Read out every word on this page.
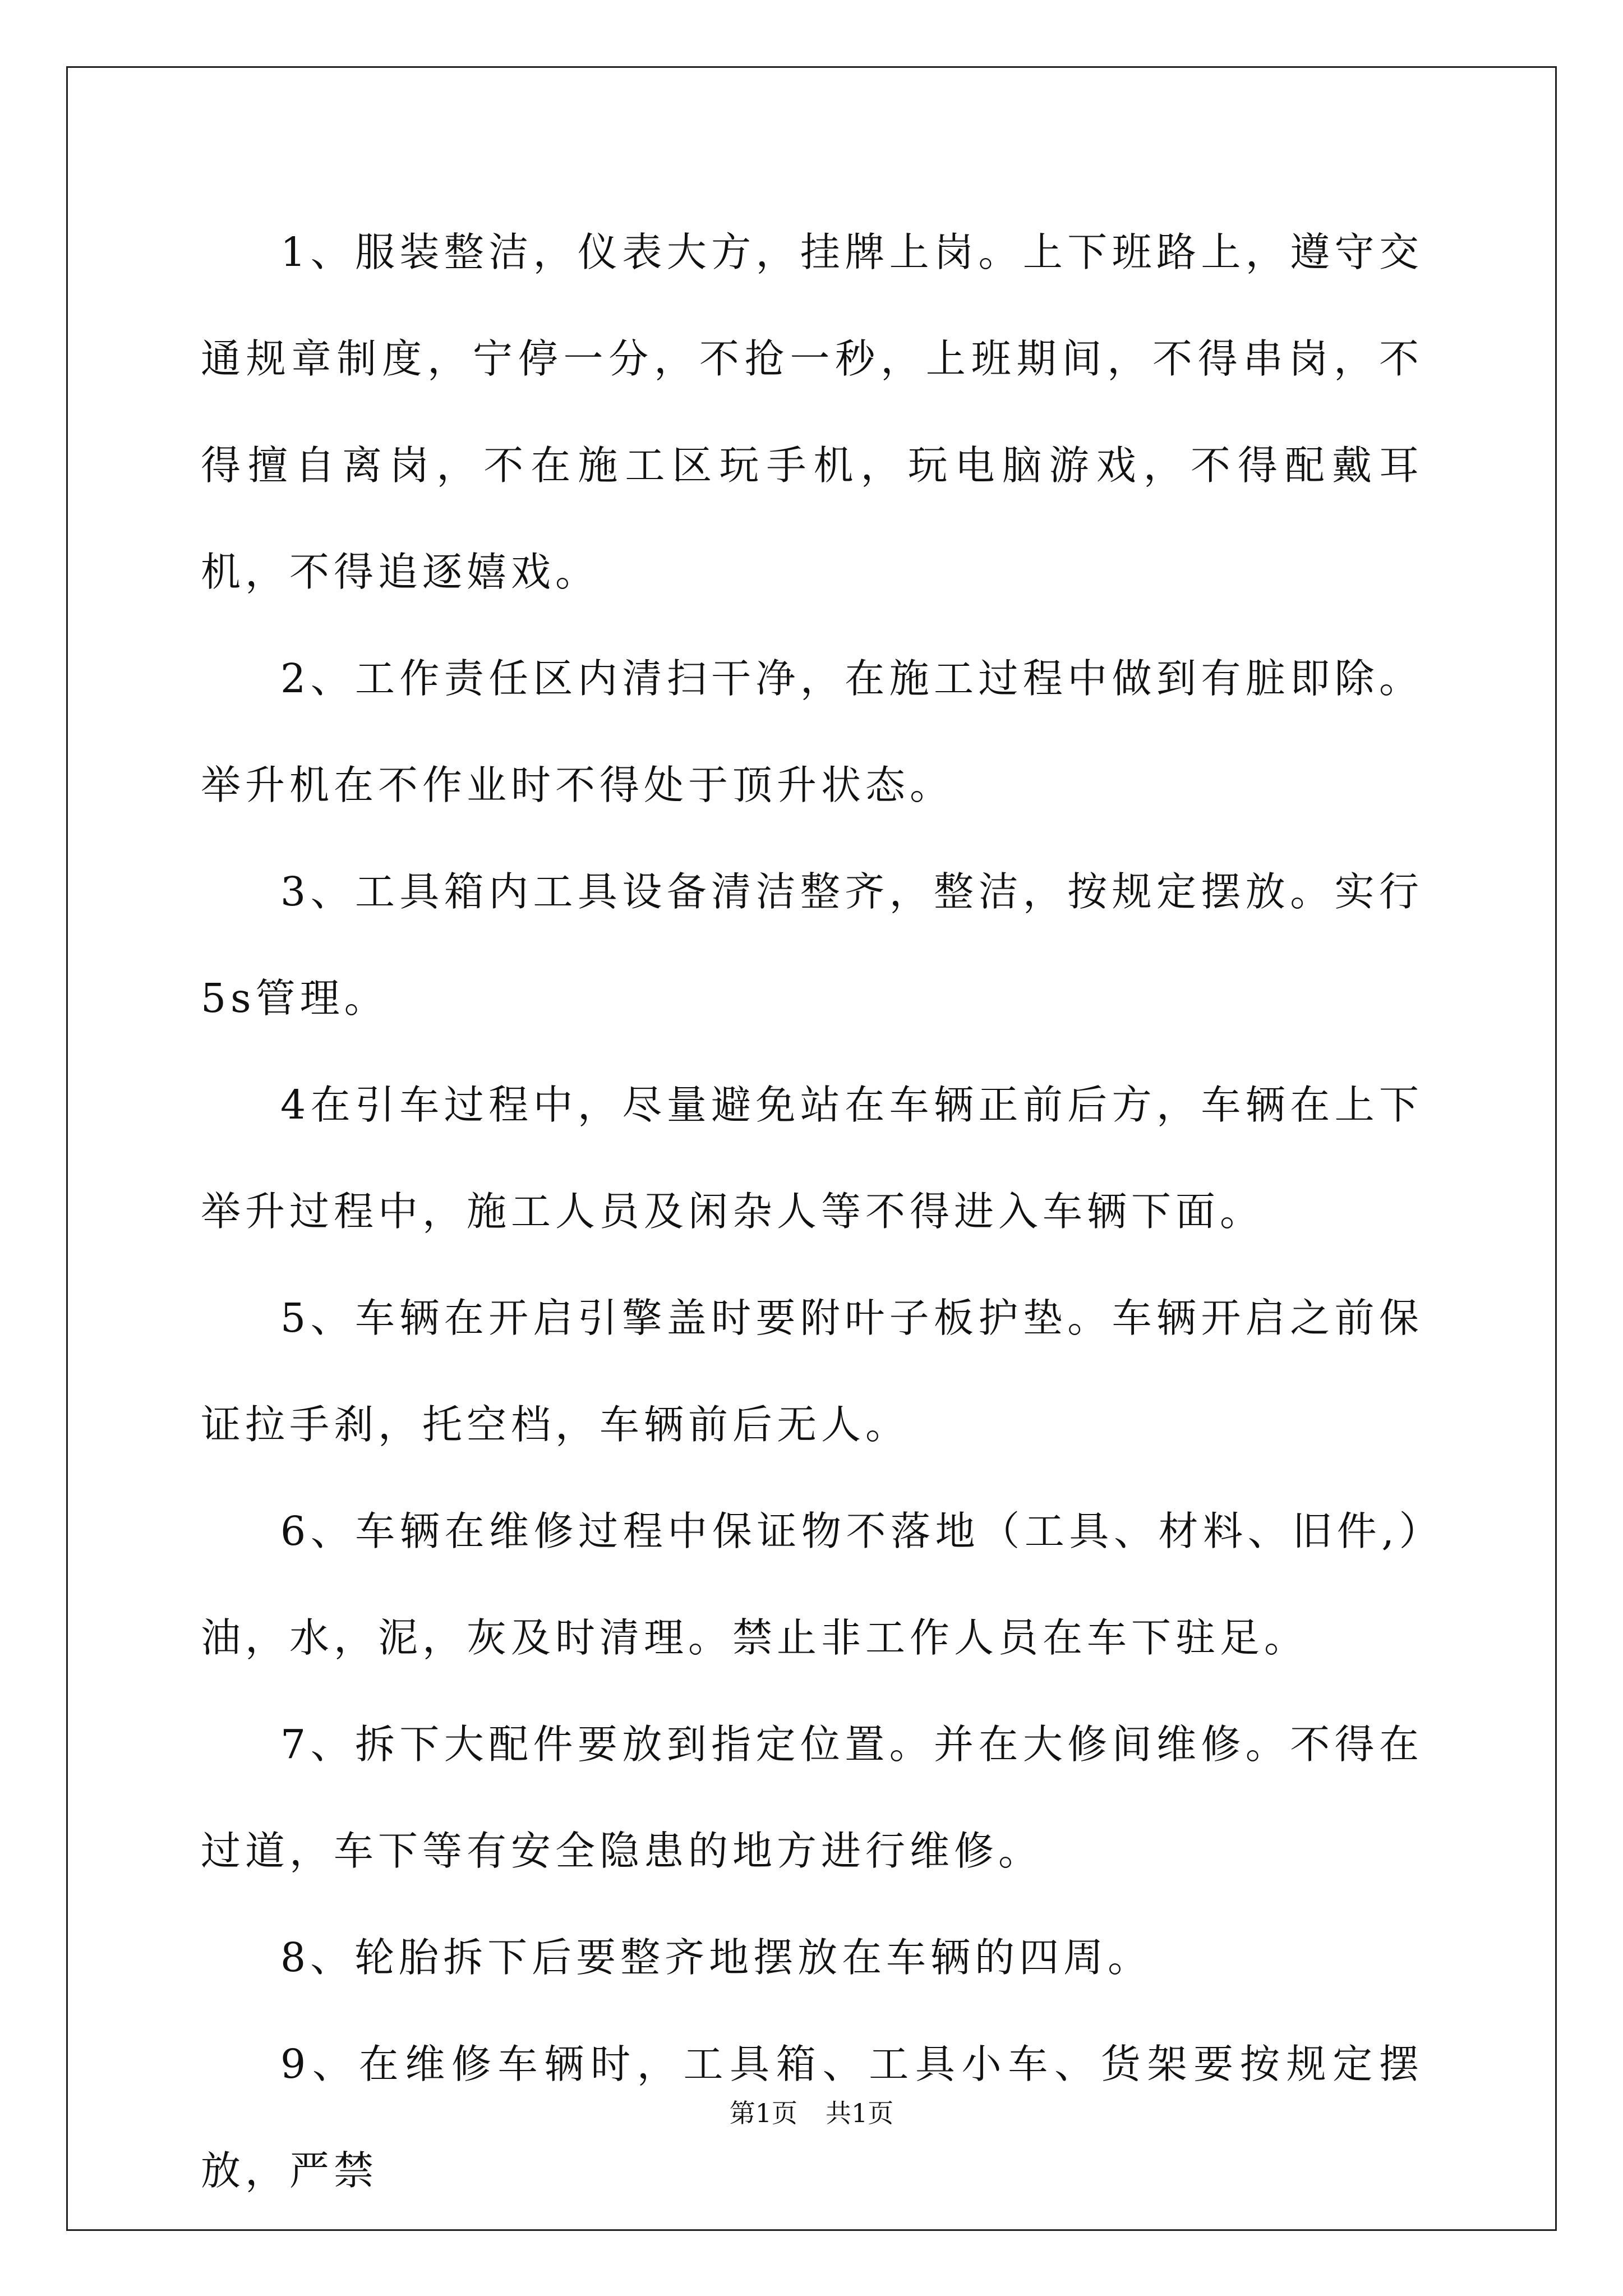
1、服装整洁，仪表大方，挂牌上岗。上下班路上，遵守交通规章制度，宁停一分，不抢一秒，上班期间，不得串岗，不得擅自离岗，不在施工区玩手机，玩电脑游戏，不得配戴耳机，不得追逐嬉戏。

2、工作责任区内清扫干净，在施工过程中做到有脏即除。举升机在不作业时不得处于顶升状态。

3、工具箱内工具设备清洁整齐，整洁，按规定摆放。实行5s管理。

4在引车过程中，尽量避免站在车辆正前后方，车辆在上下举升过程中，施工人员及闲杂人等不得进入车辆下面。

5、车辆在开启引擎盖时要附叶子板护垫。车辆开启之前保证拉手刹，托空档，车辆前后无人。

6、车辆在维修过程中保证物不落地（工具、材料、旧件,）油，水，泥，灰及时清理。禁止非工作人员在车下驻足。

7、拆下大配件要放到指定位置。并在大修间维修。不得在过道，车下等有安全隐患的地方进行维修。

8、轮胎拆下后要整齐地摆放在车辆的四周。

9、在维修车辆时，工具箱、工具小车、货架要按规定摆放，严禁

第1页 共1页
